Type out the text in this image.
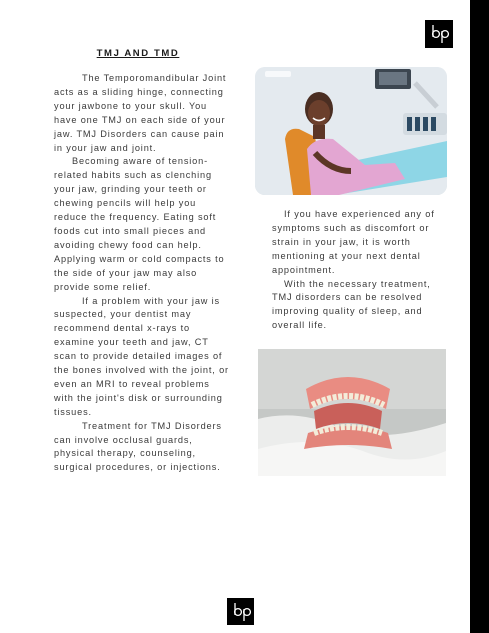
TMJ AND TMD

The Temporomandibular Joint acts as a sliding hinge, connecting your jawbone to your skull. You have one TMJ on each side of your jaw. TMJ Disorders can cause pain in your jaw and joint.

Becoming aware of tension-related habits such as clenching your jaw, grinding your teeth or chewing pencils will help you reduce the frequency. Eating soft foods cut into small pieces and avoiding chewy food can help. Applying warm or cold compacts to the side of your jaw may also provide some relief.

If a problem with your jaw is suspected, your dentist may recommend dental x-rays to examine your teeth and jaw, CT scan to provide detailed images of the bones involved with the joint, or even an MRI to reveal problems with the joint's disk or surrounding tissues.

Treatment for TMJ Disorders can involve occlusal guards, physical therapy, counseling, surgical procedures, or injections.

If you have experienced any of symptoms such as discomfort or strain in your jaw, it is worth mentioning at your next dental appointment.

With the necessary treatment, TMJ disorders can be resolved improving quality of sleep, and overall life.
